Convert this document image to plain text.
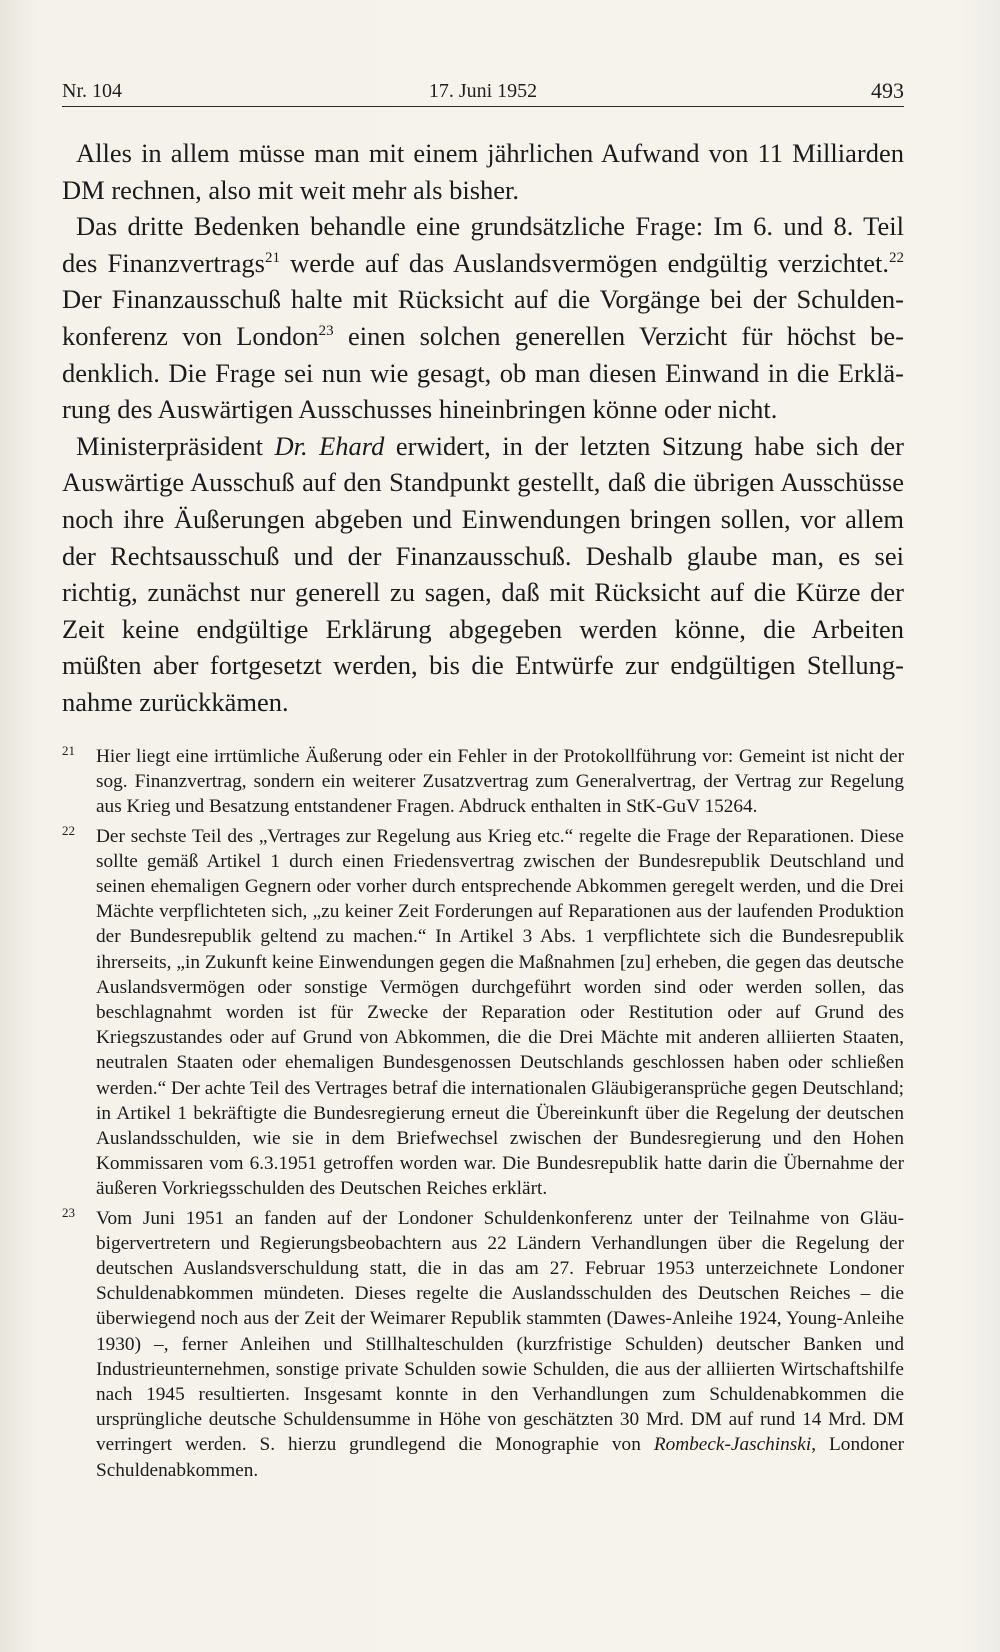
Nr. 104	17. Juni 1952	493

Alles in allem müsse man mit einem jährlichen Aufwand von 11 Milliarden DM rechnen, also mit weit mehr als bisher.

Das dritte Bedenken behandle eine grundsätzliche Frage: Im 6. und 8. Teil des Finanzvertrags$^{21}$ werde auf das Auslandsvermögen endgültig verzichtet.$^{22}$ Der Finanzausschuß halte mit Rücksicht auf die Vorgänge bei der Schuldenkonferenz von London$^{23}$ einen solchen generellen Verzicht für höchst bedenklich. Die Frage sei nun wie gesagt, ob man diesen Einwand in die Erklärung des Auswärtigen Ausschusses hineinbringen könne oder nicht.

Ministerpräsident Dr. Ehard erwidert, in der letzten Sitzung habe sich der Auswärtige Ausschuß auf den Standpunkt gestellt, daß die übrigen Ausschüsse noch ihre Äußerungen abgeben und Einwendungen bringen sollen, vor allem der Rechtsausschuß und der Finanzausschuß. Deshalb glaube man, es sei richtig, zunächst nur generell zu sagen, daß mit Rücksicht auf die Kürze der Zeit keine endgültige Erklärung abgegeben werden könne, die Arbeiten müßten aber fortgesetzt werden, bis die Entwürfe zur endgültigen Stellungnahme zurückkämen.

21 Hier liegt eine irrtümliche Äußerung oder ein Fehler in der Protokollführung vor: Gemeint ist nicht der sog. Finanzvertrag, sondern ein weiterer Zusatzvertrag zum Generalvertrag, der Vertrag zur Regelung aus Krieg und Besatzung entstandener Fragen. Abdruck enthalten in StK-GuV 15264.
22 Der sechste Teil des „Vertrages zur Regelung aus Krieg etc.“ regelte die Frage der Reparationen. Diese sollte gemäß Artikel 1 durch einen Friedensvertrag zwischen der Bundesrepublik Deutschland und seinen ehemaligen Gegnern oder vorher durch entsprechende Abkommen geregelt werden, und die Drei Mächte verpflichteten sich, „zu keiner Zeit Forderungen auf Reparationen aus der laufenden Produktion der Bundesrepublik geltend zu machen.“ In Artikel 3 Abs. 1 verpflichtete sich die Bundesrepublik ihrerseits, „in Zukunft keine Einwendungen gegen die Maßnahmen [zu] erheben, die gegen das deutsche Auslandsvermögen oder sonstige Vermögen durchgeführt worden sind oder werden sollen, das beschlagnahmt worden ist für Zwecke der Reparation oder Restitution oder auf Grund des Kriegszustandes oder auf Grund von Abkommen, die die Drei Mächte mit anderen alliierten Staaten, neutralen Staaten oder ehemaligen Bundesgenossen Deutschlands geschlossen haben oder schließen werden.“ Der achte Teil des Vertrages betraf die internationalen Gläubigeransprüche gegen Deutschland; in Artikel 1 bekräftigte die Bundesregierung erneut die Übereinkunft über die Regelung der deutschen Auslandsschulden, wie sie in dem Briefwechsel zwischen der Bundesregierung und den Hohen Kommissaren vom 6.3.1951 getroffen worden war. Die Bundesrepublik hatte darin die Übernahme der äußeren Vorkriegsschulden des Deutschen Reiches erklärt.
23 Vom Juni 1951 an fanden auf der Londoner Schuldenkonferenz unter der Teilnahme von Gläubigervertretern und Regierungsbeobachtern aus 22 Ländern Verhandlungen über die Regelung der deutschen Auslandsverschuldung statt, die in das am 27. Februar 1953 unterzeichnete Londoner Schuldenabkommen mündeten. Dieses regelte die Auslandsschulden des Deutschen Reiches – die überwiegend noch aus der Zeit der Weimarer Republik stammten (Dawes-Anleihe 1924, Young-Anleihe 1930) –, ferner Anleihen und Stillhalteschulden (kurzfristige Schulden) deutscher Banken und Industrieunternehmen, sonstige private Schulden sowie Schulden, die aus der alliierten Wirtschaftshilfe nach 1945 resultierten. Insgesamt konnte in den Verhandlungen zum Schuldenabkommen die ursprüngliche deutsche Schuldensumme in Höhe von geschätzten 30 Mrd. DM auf rund 14 Mrd. DM verringert werden. S. hierzu grundlegend die Monographie von Rombeck-Jaschinski, Londoner Schuldenabkommen.
